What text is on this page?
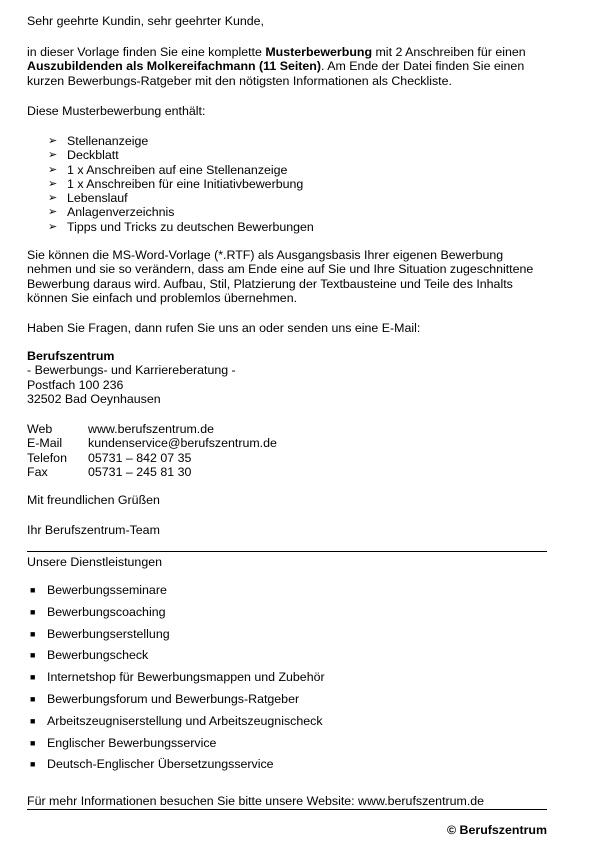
Sehr geehrte Kundin, sehr geehrter Kunde,
in dieser Vorlage finden Sie eine komplette Musterbewerbung mit 2 Anschreiben für einen Auszubildenden als Molkereifachmann (11 Seiten). Am Ende der Datei finden Sie einen kurzen Bewerbungs-Ratgeber mit den nötigsten Informationen als Checkliste.
Diese Musterbewerbung enthält:
➢ Stellenanzeige
➢ Deckblatt
➢ 1 x Anschreiben auf eine Stellenanzeige
➢ 1 x Anschreiben für eine Initiativbewerbung
➢ Lebenslauf
➢ Anlagenverzeichnis
➢ Tipps und Tricks zu deutschen Bewerbungen
Sie können die MS-Word-Vorlage (*.RTF) als Ausgangsbasis Ihrer eigenen Bewerbung nehmen und sie so verändern, dass am Ende eine auf Sie und Ihre Situation zugeschnittene Bewerbung daraus wird. Aufbau, Stil, Platzierung der Textbausteine und Teile des Inhalts können Sie einfach und problemlos übernehmen.
Haben Sie Fragen, dann rufen Sie uns an oder senden uns eine E-Mail:

Berufszentrum

- Bewerbungs- und Karriereberatung -

Postfach 100 236

32502 Bad Oeynhausen

Web	www.berufszentrum.de
E-Mail	kundenservice@berufszentrum.de
Telefon	05731 – 842 07 35
Fax	05731 – 245 81 30
Mit freundlichen Grüßen
Ihr Berufszentrum-Team
Unsere Dienstleistungen
■ Bewerbungsseminare
■ Bewerbungscoaching
■ Bewerbungserstellung
■ Bewerbungscheck
■ Internetshop für Bewerbungsmappen und Zubehör
■ Bewerbungsforum und Bewerbungs-Ratgeber
■ Arbeitszeugniserstellung und Arbeitszeugnischeck
■ Englischer Bewerbungsservice
■ Deutsch-Englischer Übersetzungsservice
Für mehr Informationen besuchen Sie bitte unsere Website: www.berufszentrum.de
© Berufszentrum
